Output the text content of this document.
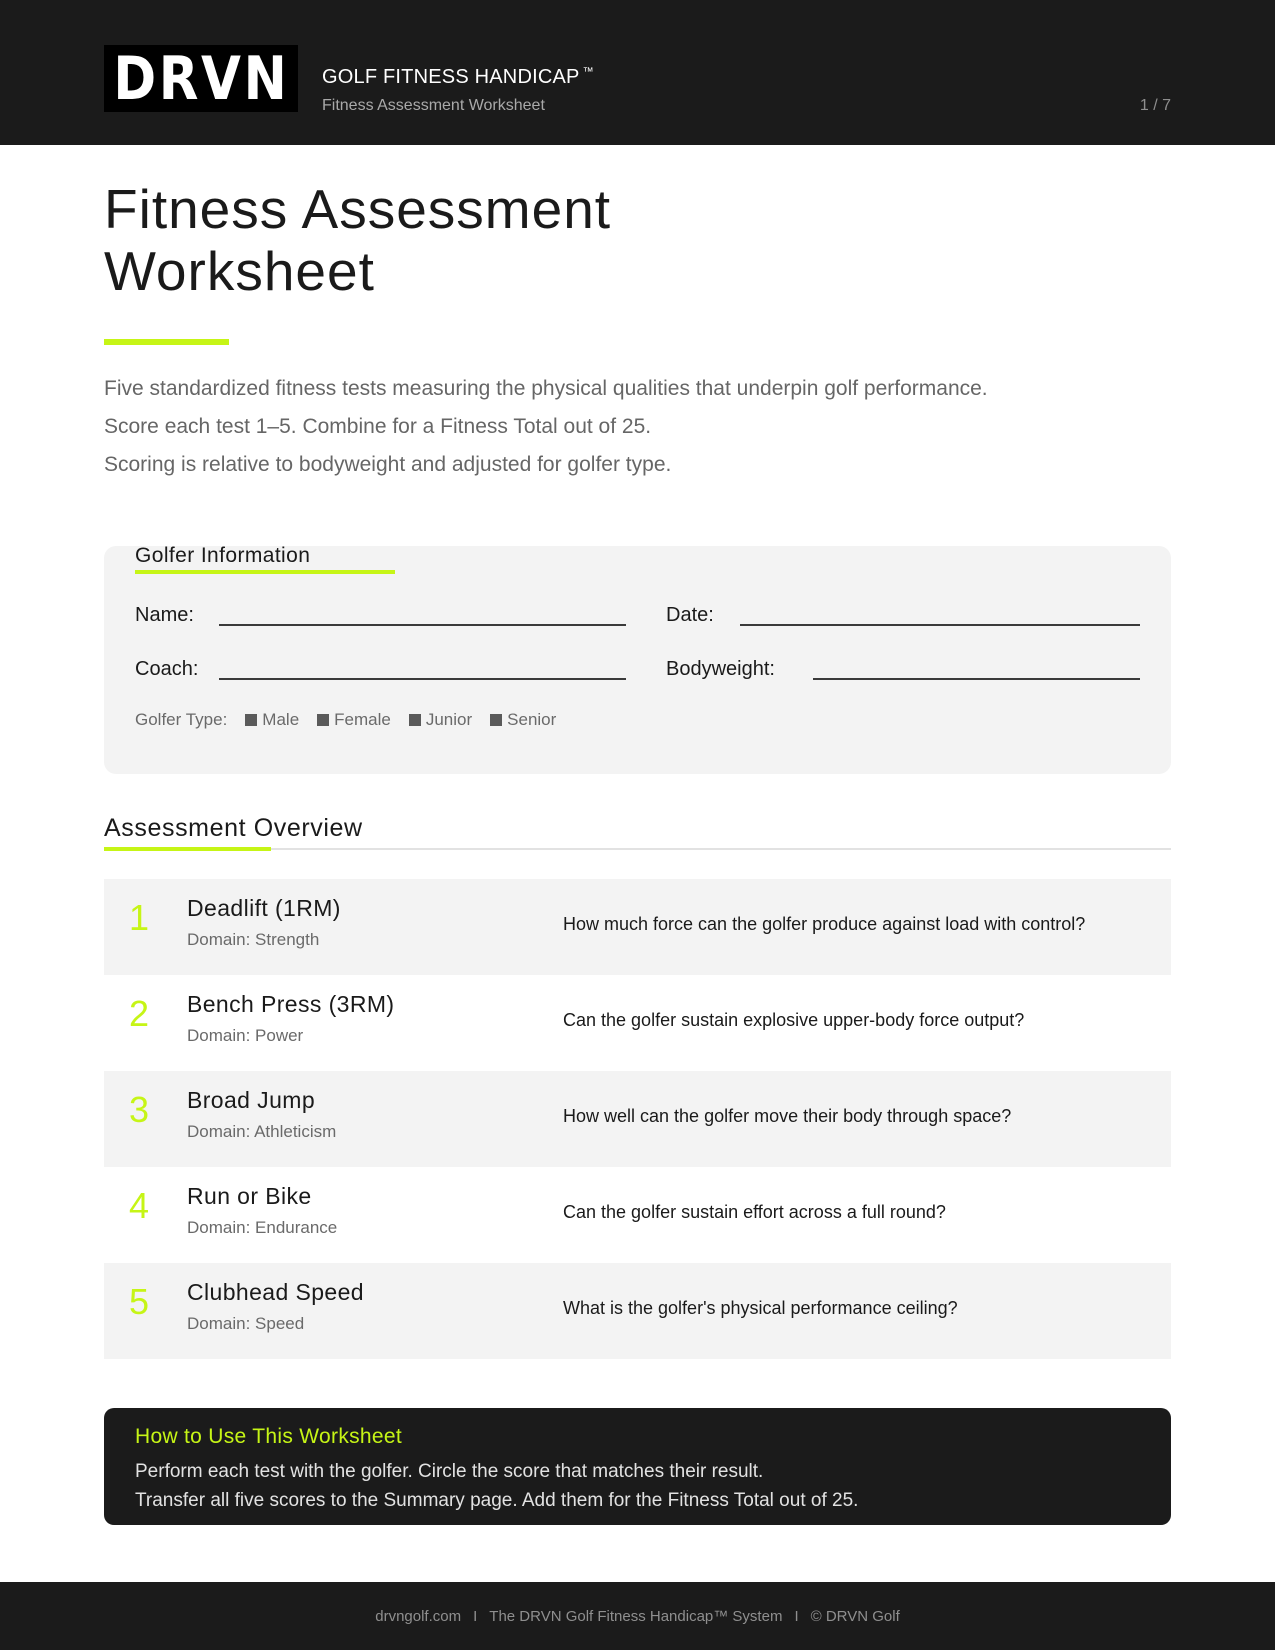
DRVN GOLF FITNESS HANDICAP ™
Fitness Assessment Worksheet	1 / 7
Fitness Assessment
Worksheet
Five standardized fitness tests measuring the physical qualities that underpin golf performance.
Score each test 1–5. Combine for a Fitness Total out of 25.
Scoring is relative to bodyweight and adjusted for golfer type.
Golfer Information
Name:	Date:
Coach:	Bodyweight:
Golfer Type: Male Female Junior Senior
Assessment Overview
1 Deadlift (1RM)
Domain: Strength
How much force can the golfer produce against load with control?
2 Bench Press (3RM)
Domain: Power
Can the golfer sustain explosive upper-body force output?
3 Broad Jump
Domain: Athleticism
How well can the golfer move their body through space?
4 Run or Bike
Domain: Endurance
Can the golfer sustain effort across a full round?
5 Clubhead Speed
Domain: Speed
What is the golfer's physical performance ceiling?
How to Use This Worksheet
Perform each test with the golfer. Circle the score that matches their result.
Transfer all five scores to the Summary page. Add them for the Fitness Total out of 25.
drvngolf.com I The DRVN Golf Fitness Handicap™ System I © DRVN Golf
